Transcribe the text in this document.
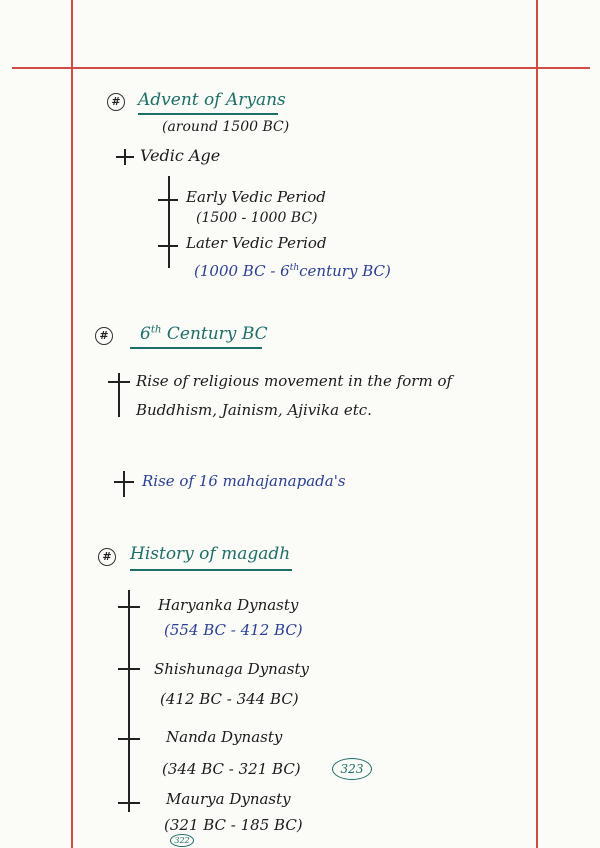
# Advent of Aryans
(around 1500 BC)
Vedic Age
Early Vedic Period
(1500 - 1000 BC)
Later Vedic Period
(1000 BC - 6thcentury BC)
# 6th Century BC
Rise of religious movement in the form of
Buddhism, Jainism, Ajivika etc.
Rise of 16 mahajanapada's
# History of magadh
Haryanka Dynasty
(554 BC - 412 BC)
Shishunaga Dynasty
(412 BC - 344 BC)
Nanda Dynasty
(344 BC - 321 BC)	323
Maurya Dynasty
(321 BC - 185 BC)
322
